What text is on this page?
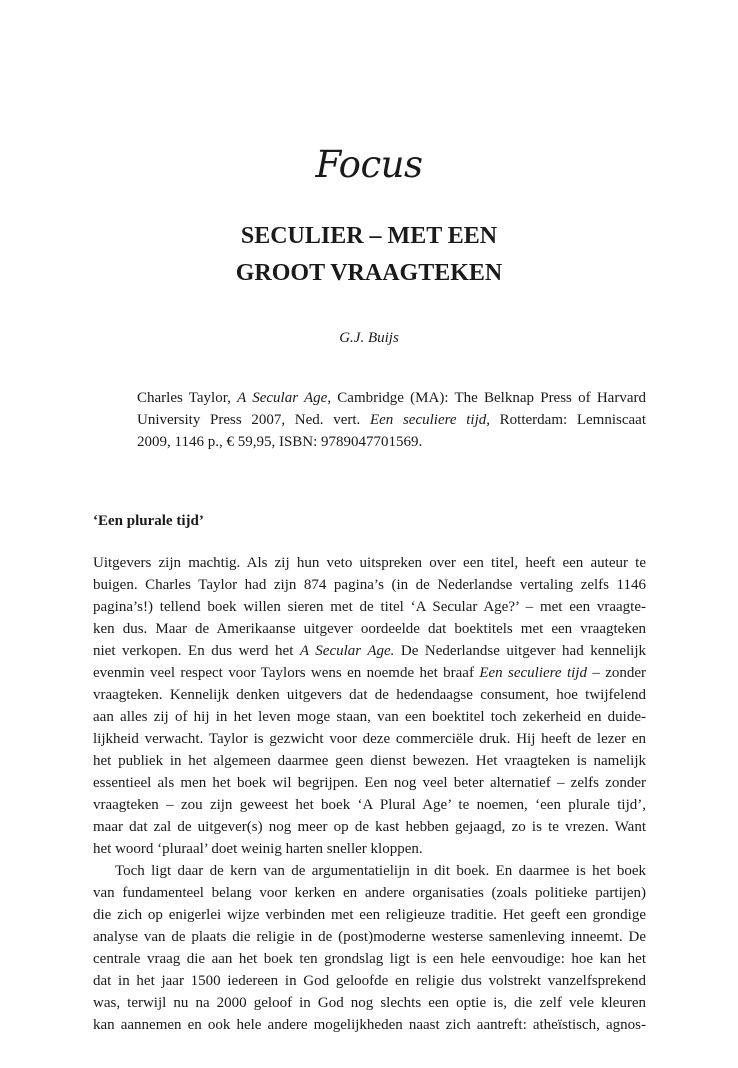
Focus
SECULIER – MET EEN
GROOT VRAAGTEKEN
G.J. Buijs
Charles Taylor, A Secular Age, Cambridge (MA): The Belknap Press of Harvard
University Press 2007, Ned. vert. Een seculiere tijd, Rotterdam: Lemniscaat
2009, 1146 p., € 59,95, ISBN: 9789047701569.
‘Een plurale tijd’
Uitgevers zijn machtig. Als zij hun veto uitspreken over een titel, heeft een auteur te
buigen. Charles Taylor had zijn 874 pagina’s (in de Nederlandse vertaling zelfs 1146
pagina’s!) tellend boek willen sieren met de titel ‘A Secular Age?’ – met een vraagte-
ken dus. Maar de Amerikaanse uitgever oordeelde dat boektitels met een vraagteken
niet verkopen. En dus werd het A Secular Age. De Nederlandse uitgever had kennelijk
evenmin veel respect voor Taylors wens en noemde het braaf Een seculiere tijd – zonder
vraagteken. Kennelijk denken uitgevers dat de hedendaagse consument, hoe twijfelend
aan alles zij of hij in het leven moge staan, van een boektitel toch zekerheid en duide-
lijkheid verwacht. Taylor is gezwicht voor deze commerciële druk. Hij heeft de lezer en
het publiek in het algemeen daarmee geen dienst bewezen. Het vraagteken is namelijk
essentieel als men het boek wil begrijpen. Een nog veel beter alternatief – zelfs zonder
vraagteken – zou zijn geweest het boek ‘A Plural Age’ te noemen, ‘een plurale tijd’,
maar dat zal de uitgever(s) nog meer op de kast hebben gejaagd, zo is te vrezen. Want
het woord ‘pluraal’ doet weinig harten sneller kloppen.
Toch ligt daar de kern van de argumentatielijn in dit boek. En daarmee is het boek
van fundamenteel belang voor kerken en andere organisaties (zoals politieke partijen)
die zich op enigerlei wijze verbinden met een religieuze traditie. Het geeft een grondige
analyse van de plaats die religie in de (post)moderne westerse samenleving inneemt. De
centrale vraag die aan het boek ten grondslag ligt is een hele eenvoudige: hoe kan het
dat in het jaar 1500 iedereen in God geloofde en religie dus volstrekt vanzelfsprekend
was, terwijl nu na 2000 geloof in God nog slechts een optie is, die zelf vele kleuren
kan aannemen en ook hele andere mogelijkheden naast zich aantreft: atheïstisch, agnos-
